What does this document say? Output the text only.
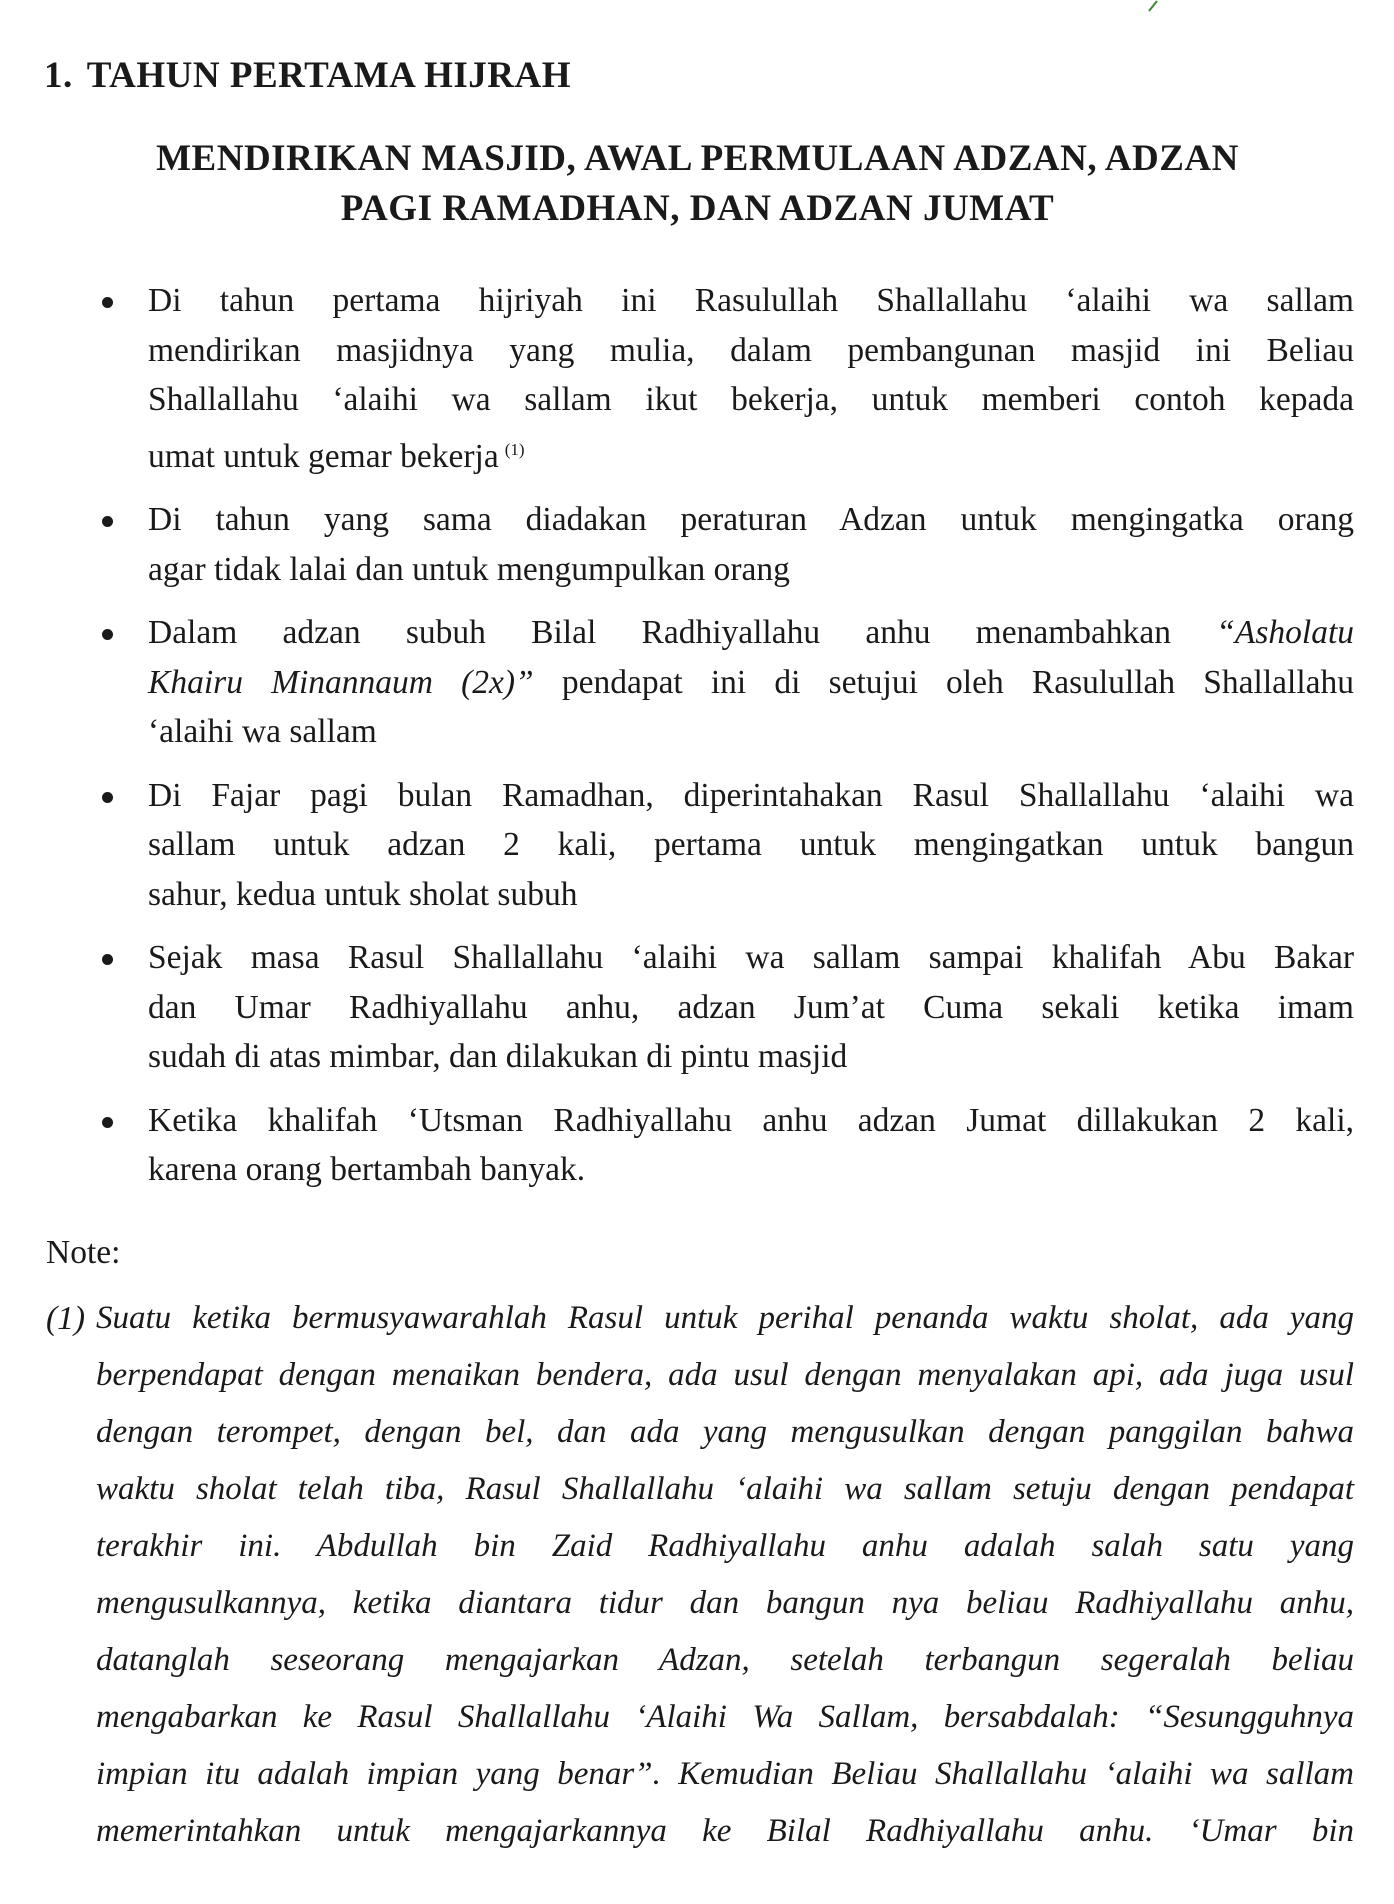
1. TAHUN PERTAMA HIJRAH
MENDIRIKAN MASJID, AWAL PERMULAAN ADZAN, ADZAN
PAGI RAMADHAN, DAN ADZAN JUMAT
Di tahun pertama hijriyah ini Rasulullah Shallallahu ‘alaihi wa sallam
mendirikan masjidnya yang mulia, dalam pembangunan masjid ini Beliau
Shallallahu ‘alaihi wa sallam ikut bekerja, untuk memberi contoh kepada
umat untuk gemar bekerja $^{(1)}$
Di tahun yang sama diadakan peraturan Adzan untuk mengingatka orang
agar tidak lalai dan untuk mengumpulkan orang
Dalam adzan subuh Bilal Radhiyallahu anhu menambahkan “Asholatu
Khairu Minannaum (2x)” pendapat ini di setujui oleh Rasulullah Shallallahu
‘alaihi wa sallam
Di Fajar pagi bulan Ramadhan, diperintahakan Rasul Shallallahu ‘alaihi wa
sallam untuk adzan 2 kali, pertama untuk mengingatkan untuk bangun
sahur, kedua untuk sholat subuh
Sejak masa Rasul Shallallahu ‘alaihi wa sallam sampai khalifah Abu Bakar
dan Umar Radhiyallahu anhu, adzan Jum’at Cuma sekali ketika imam
sudah di atas mimbar, dan dilakukan di pintu masjid
Ketika khalifah ‘Utsman Radhiyallahu anhu adzan Jumat dillakukan 2 kali,
karena orang bertambah banyak.

Note:

(1) Suatu ketika bermusyawarahlah Rasul untuk perihal penanda waktu sholat, ada yang
berpendapat dengan menaikan bendera, ada usul dengan menyalakan api, ada juga usul
dengan terompet, dengan bel, dan ada yang mengusulkan dengan panggilan bahwa
waktu sholat telah tiba, Rasul Shallallahu ‘alaihi wa sallam setuju dengan pendapat
terakhir ini. Abdullah bin Zaid Radhiyallahu anhu adalah salah satu yang
mengusulkannya, ketika diantara tidur dan bangun nya beliau Radhiyallahu anhu,
datanglah seseorang mengajarkan Adzan, setelah terbangun segeralah beliau
mengabarkan ke Rasul Shallallahu ‘Alaihi Wa Sallam, bersabdalah: “Sesungguhnya
impian itu adalah impian yang benar”. Kemudian Beliau Shallallahu ‘alaihi wa sallam
memerintahkan untuk mengajarkannya ke Bilal Radhiyallahu anhu. ‘Umar bin
